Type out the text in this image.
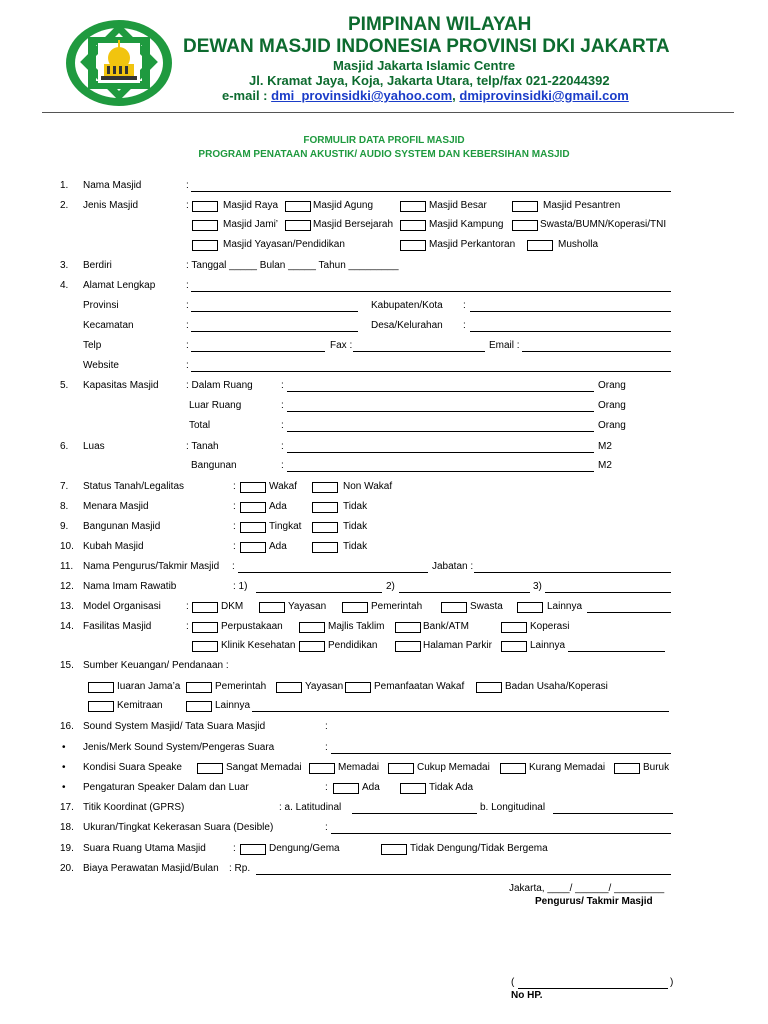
PIMPINAN WILAYAH
DEWAN MASJID INDONESIA PROVINSI DKI JAKARTA
Masjid Jakarta Islamic Centre
Jl. Kramat Jaya, Koja, Jakarta Utara, telp/fax 021-22044392
e-mail : dmi_provinsidki@yahoo.com, dmiprovinsidki@gmail.com
FORMULIR DATA PROFIL MASJID
PROGRAM PENATAAN AKUSTIK/ AUDIO SYSTEM DAN KEBERSIHAN MASJID
1. Nama Masjid	:
2. Jenis Masjid	:	Masjid Raya	Masjid Agung	Masjid Besar	Masjid Pesantren
Masjid Jami’	Masjid Bersejarah	Masjid Kampung	Swasta/BUMN/Koperasi/TNI
Masjid Yayasan/Pendidikan	Masjid Perkantoran	Musholla
3. Berdiri	: Tanggal _____ Bulan _____ Tahun _________
4. Alamat Lengkap	:
Provinsi	:	Kabupaten/Kota :
Kecamatan	:	Desa/Kelurahan :
Telp	:	Fax :	Email :
Website	:
5. Kapasitas Masjid	: Dalam Ruang	:	Orang
Luar Ruang	:	Orang
Total	:	Orang
6. Luas	: Tanah	:	M2
Bangunan	:	M2
7. Status Tanah/Legalitas	:	Wakaf	Non Wakaf
8. Menara Masjid	:	Ada	Tidak
9. Bangunan Masjid	:	Tingkat	Tidak
10. Kubah Masjid	:	Ada	Tidak
11. Nama Pengurus/Takmir Masjid :	Jabatan :
12. Nama Imam Rawatib	: 1)	2)	3)
13. Model Organisasi	:	DKM	Yayasan	Pemerintah	Swasta	Lainnya
14. Fasilitas Masjid	:	Perpustakaan	Majlis Taklim	Bank/ATM	Koperasi
Klinik Kesehatan	Pendidikan	Halaman Parkir	Lainnya
15. Sumber Keuangan/ Pendanaan :
Iuaran Jama’a	Pemerintah	Yayasan	Pemanfaatan Wakaf	Badan Usaha/Koperasi
Kemitraan	Lainnya
16. Sound System Masjid/ Tata Suara Masjid	:
• Jenis/Merk Sound System/Pengeras Suara	:
• Kondisi Suara Speake	Sangat Memadai	Memadai	Cukup Memadai	Kurang Memadai	Buruk
• Pengaturan Speaker Dalam dan Luar	:	Ada	Tidak Ada
17. Titik Koordinat (GPRS)	: a. Latitudinal	b. Longitudinal
18. Ukuran/Tingkat Kekerasan Suara (Desible)	:
19. Suara Ruang Utama Masjid	:	Dengung/Gema	Tidak Dengung/Tidak Bergema
20. Biaya Perawatan Masjid/Bulan : Rp.
Jakarta, ____/ ______/ _________
Pengurus/ Takmir Masjid
(	)
No HP.
